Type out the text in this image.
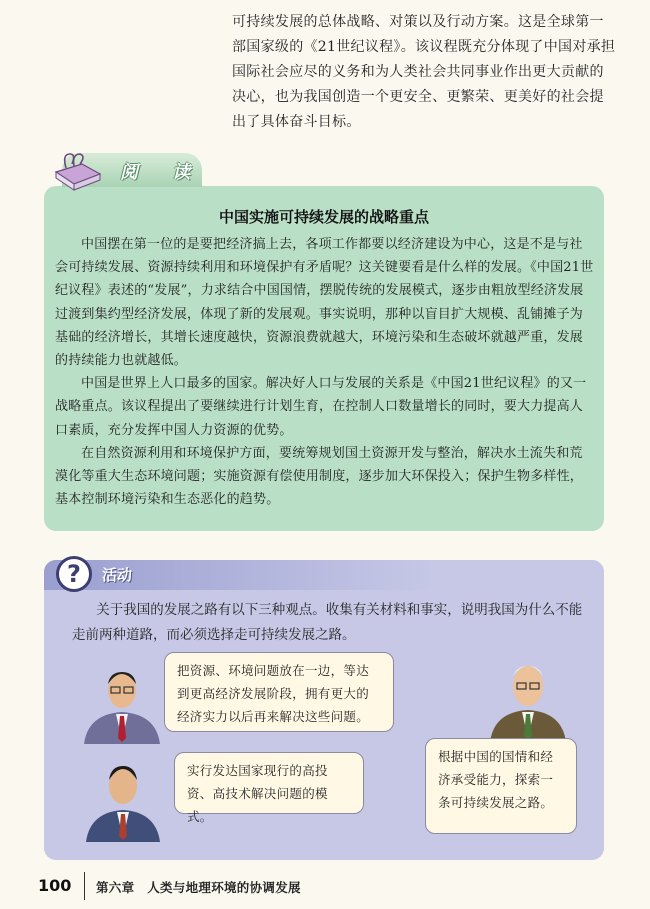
可持续发展的总体战略、对策以及行动方案。这是全球第一部国家级的《21世纪议程》。该议程既充分体现了中国对承担国际社会应尽的义务和为人类社会共同事业作出更大贡献的决心，也为我国创造一个更安全、更繁荣、更美好的社会提出了具体奋斗目标。

阅 读
中国实施可持续发展的战略重点

中国摆在第一位的是要把经济搞上去，各项工作都要以经济建设为中心，这是不是与社会可持续发展、资源持续利用和环境保护有矛盾呢？这关键要看是什么样的发展。《中国21世纪议程》表述的“发展”，力求结合中国国情，摆脱传统的发展模式，逐步由粗放型经济发展过渡到集约型经济发展，体现了新的发展观。事实说明，那种以盲目扩大规模、乱铺摊子为基础的经济增长，其增长速度越快，资源浪费就越大，环境污染和生态破坏就越严重，发展的持续能力也就越低。

中国是世界上人口最多的国家。解决好人口与发展的关系是《中国21世纪议程》的又一战略重点。该议程提出了要继续进行计划生育，在控制人口数量增长的同时，要大力提高人口素质，充分发挥中国人力资源的优势。

在自然资源利用和环境保护方面，要统筹规划国土资源开发与整治，解决水土流失和荒漠化等重大生态环境问题；实施资源有偿使用制度，逐步加大环保投入；保护生物多样性，基本控制环境污染和生态恶化的趋势。

?	活动

关于我国的发展之路有以下三种观点。收集有关材料和事实，说明我国为什么不能走前两种道路，而必须选择走可持续发展之路。

把资源、环境问题放在一边，等达到更高经济发展阶段，拥有更大的经济实力以后再来解决这些问题。
实行发达国家现行的高投资、高技术解决问题的模式。
根据中国的国情和经济承受能力，探索一条可持续发展之路。
100 第六章　人类与地理环境的协调发展
